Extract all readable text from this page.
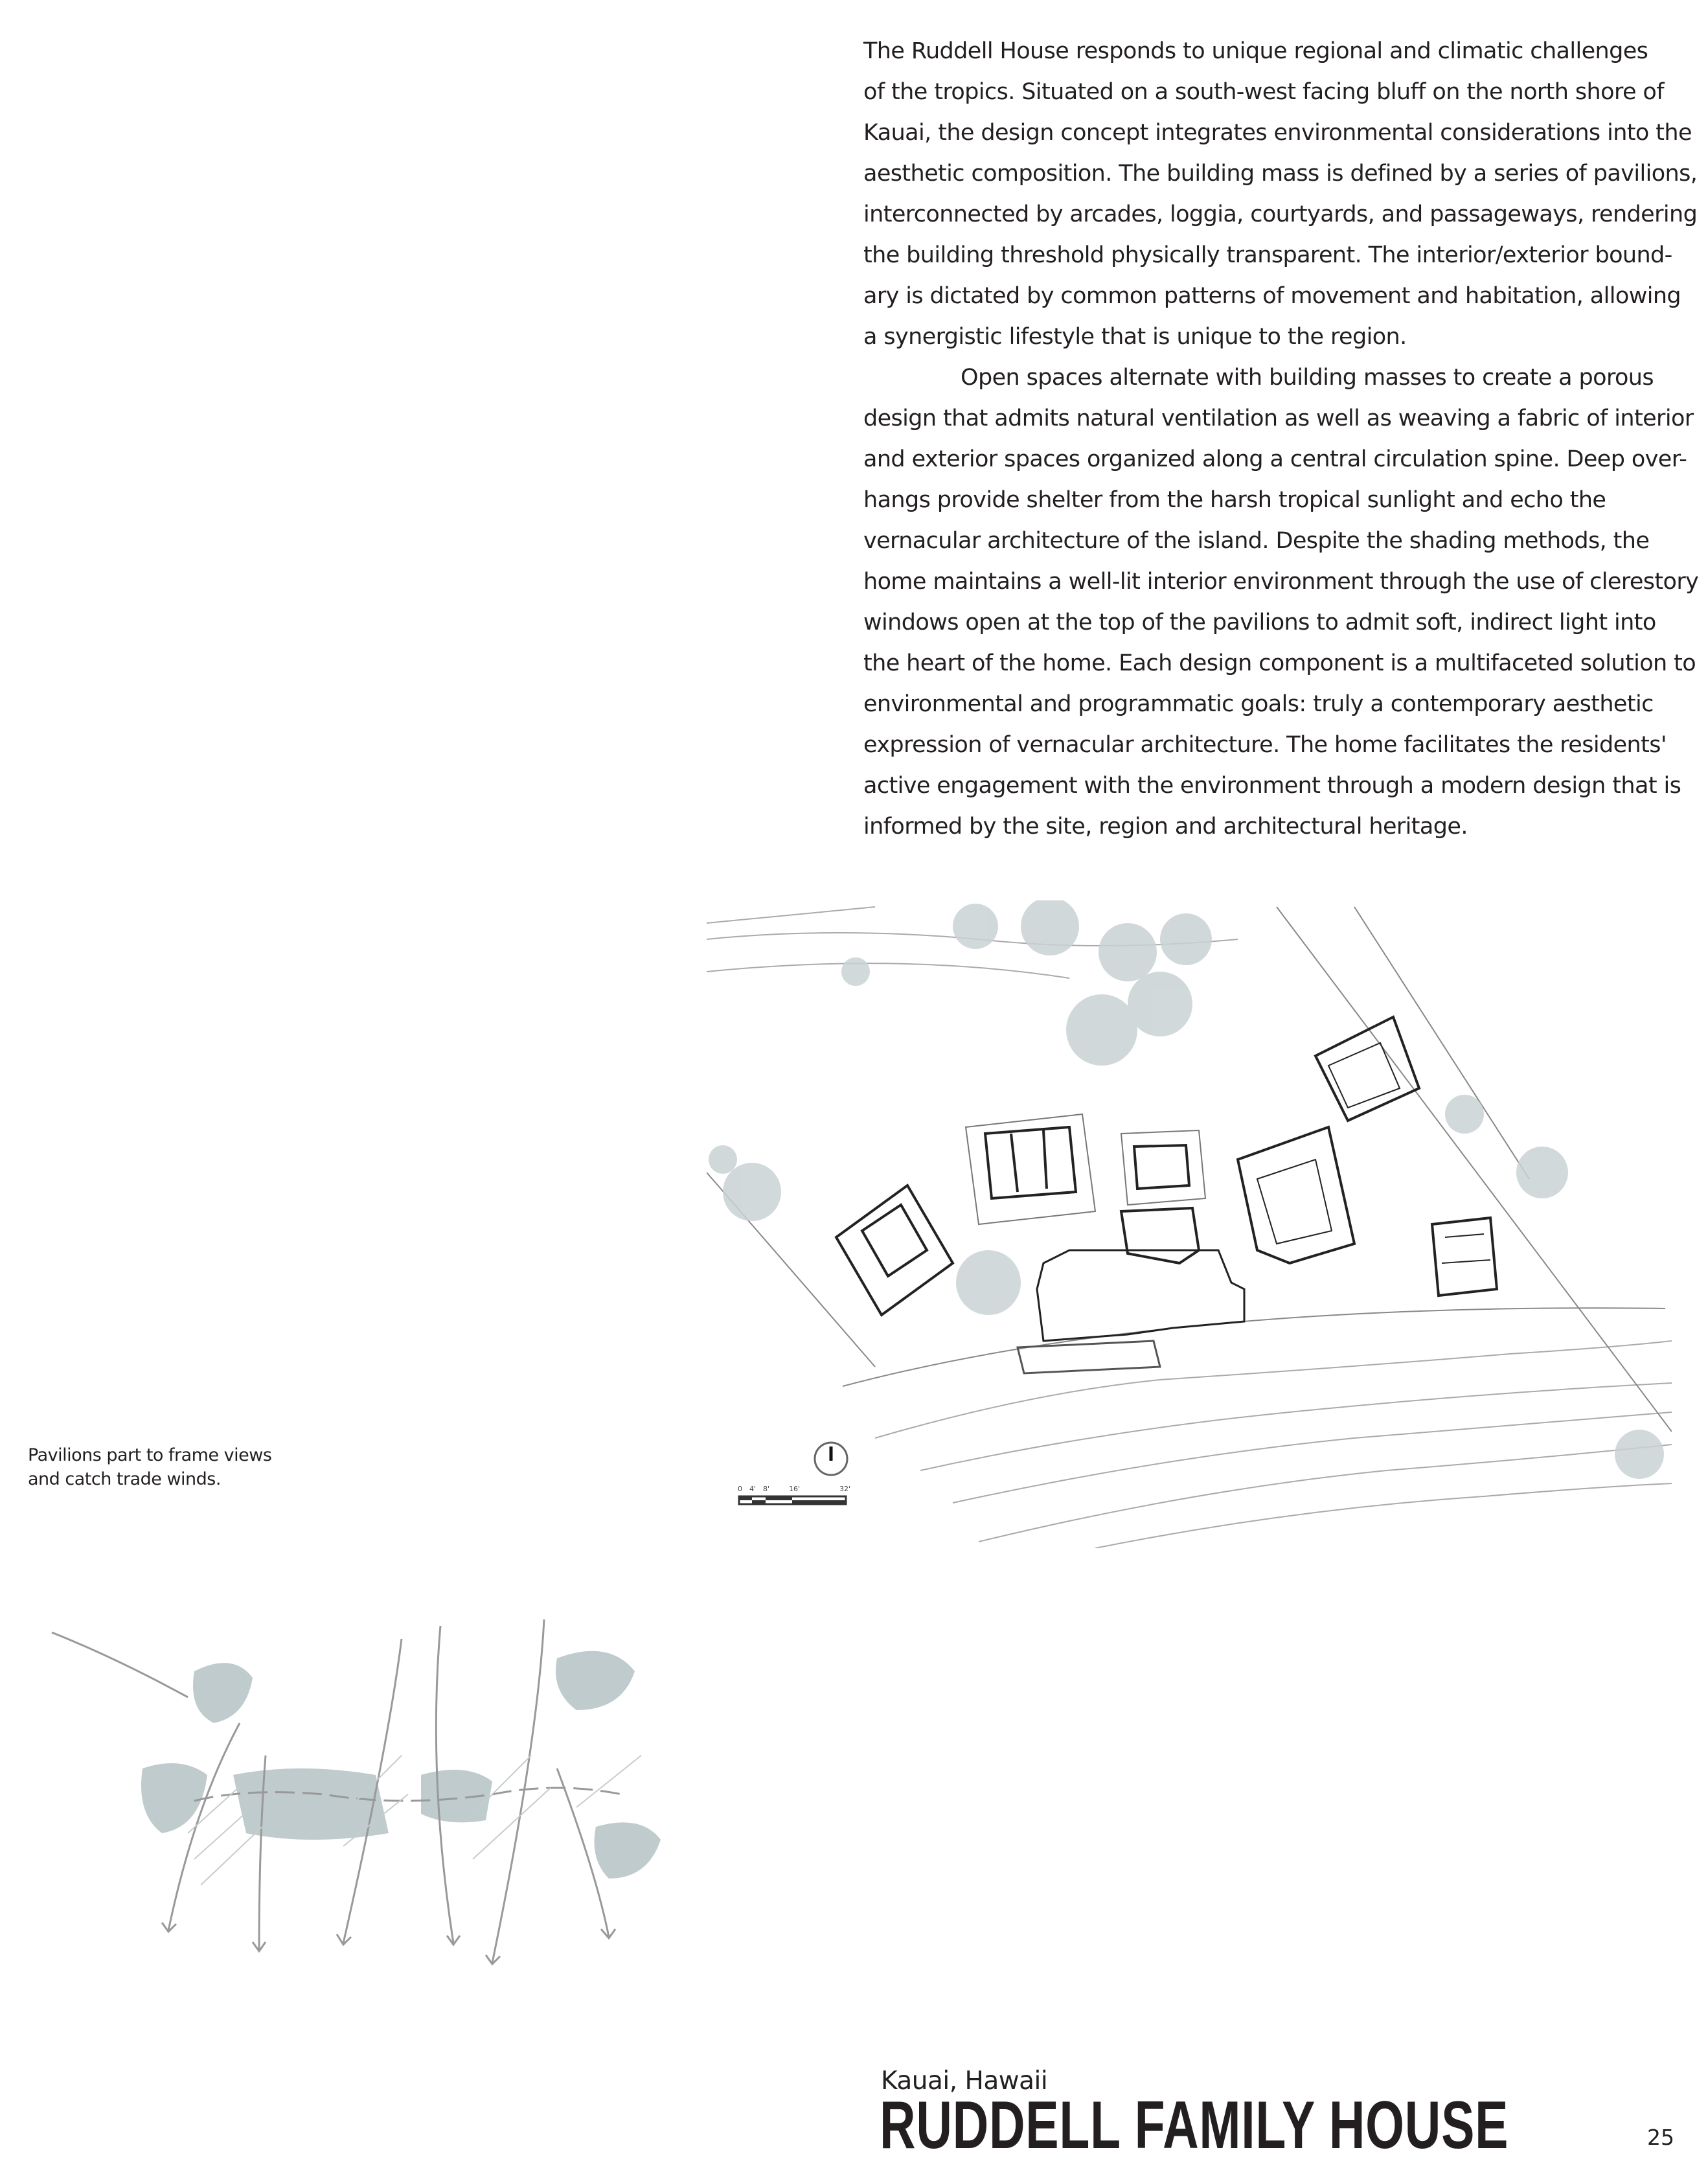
The Ruddell House responds to unique regional and climatic challenges
of the tropics. Situated on a south-west facing bluff on the north shore of
Kauai, the design concept integrates environmental considerations into the
aesthetic composition. The building mass is defined by a series of pavilions,
interconnected by arcades, loggia, courtyards, and passageways, rendering
the building threshold physically transparent. The interior/exterior bound-
ary is dictated by common patterns of movement and habitation, allowing
a synergistic lifestyle that is unique to the region.
Open spaces alternate with building masses to create a porous
design that admits natural ventilation as well as weaving a fabric of interior
and exterior spaces organized along a central circulation spine. Deep over-
hangs provide shelter from the harsh tropical sunlight and echo the
vernacular architecture of the island. Despite the shading methods, the
home maintains a well-lit interior environment through the use of clerestory
windows open at the top of the pavilions to admit soft, indirect light into
the heart of the home. Each design component is a multifaceted solution to
environmental and programmatic goals: truly a contemporary aesthetic
expression of vernacular architecture. The home facilitates the residents'
active engagement with the environment through a modern design that is
informed by the site, region and architectural heritage.
Pavilions part to frame views
and catch trade winds.	0 4' 8'	16'	32'
Kauai, Hawaii
RUDDELL FAMILY HOUSE	25
